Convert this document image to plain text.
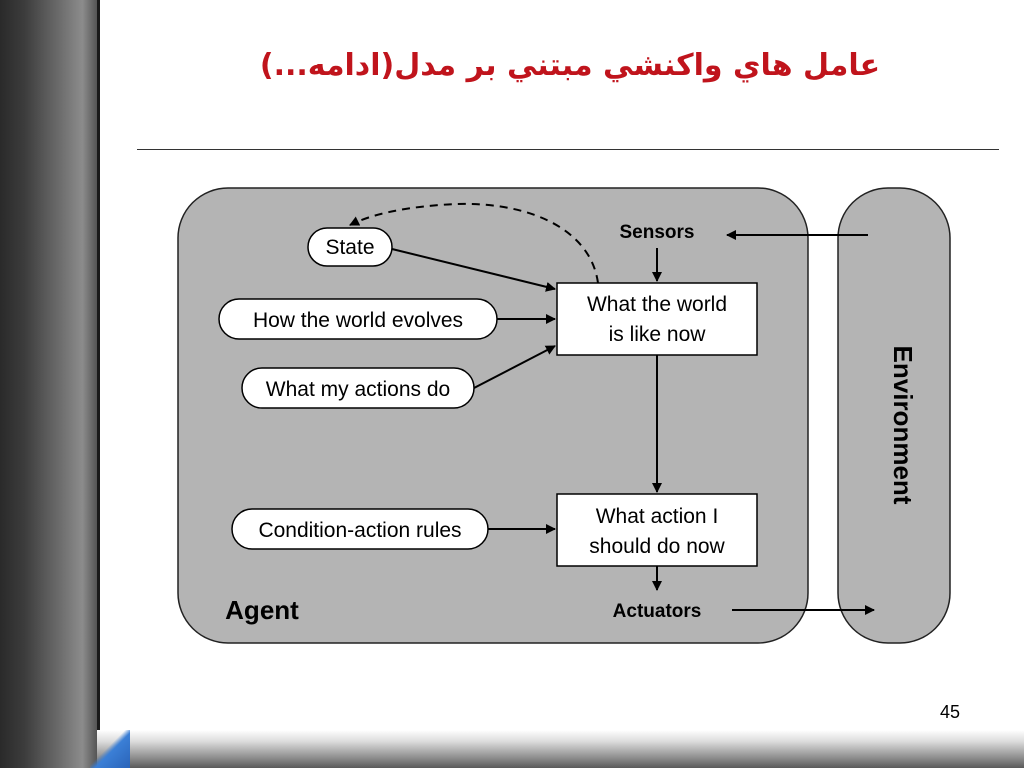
عامل هاي واكنشي مبتني بر مدل(ادامه...)
State
How the world evolves
What my actions do
Condition-action rules
What the world
is like now
What action I
should do now
Sensors
Actuators
Agent
Environment
45
